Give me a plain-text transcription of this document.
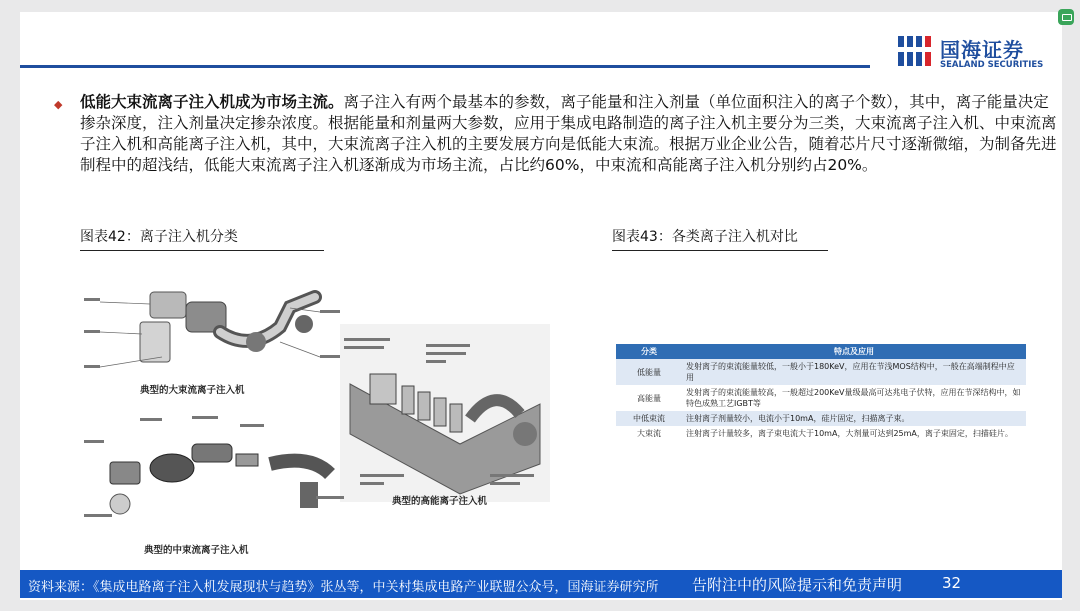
国海证券
SEALAND SECURITIES
◆ 低能大束流离子注入机成为市场主流。离子注入有两个最基本的参数，离子能量和注入剂量（单位面积注入的离子个数），其中，离子能量决定掺杂深度，注入剂量决定掺杂浓度。根据能量和剂量两大参数，应用于集成电路制造的离子注入机主要分为三类，大束流离子注入机、中束流离子注入机和高能离子注入机，其中，大束流离子注入机的主要发展方向是低能大束流。根据万业企业公告，随着芯片尺寸逐渐微缩，为制备先进制程中的超浅结，低能大束流离子注入机逐渐成为市场主流，占比约60%，中束流和高能离子注入机分别约占20%。
图表42：离子注入机分类	图表43：各类离子注入机对比
典型的大束流离子注入机
典型的高能离子注入机
典型的中束流离子注入机
分类	特点及应用
低能量	发射离子的束流能量较低，一般小于180KeV，应用在节浅MOS结构中，一般在高端制程中应用
高能量	发射离子的束流能量较高，一般超过200KeV量级最高可达兆电子伏特，应用在节深结构中，如特色成熟工艺IGBT等
中低束流	注射离子剂量较小，电流小于10mA，硅片固定，扫描离子束。
大束流	注射离子计量较多，离子束电流大于10mA，大剂量可达到25mA，离子束固定，扫描硅片。
资料来源：《集成电路离子注入机发展现状与趋势》张丛等，中关村集成电路产业联盟公众号，国海证券研究所 告附注中的风险提示和免责声明	32
